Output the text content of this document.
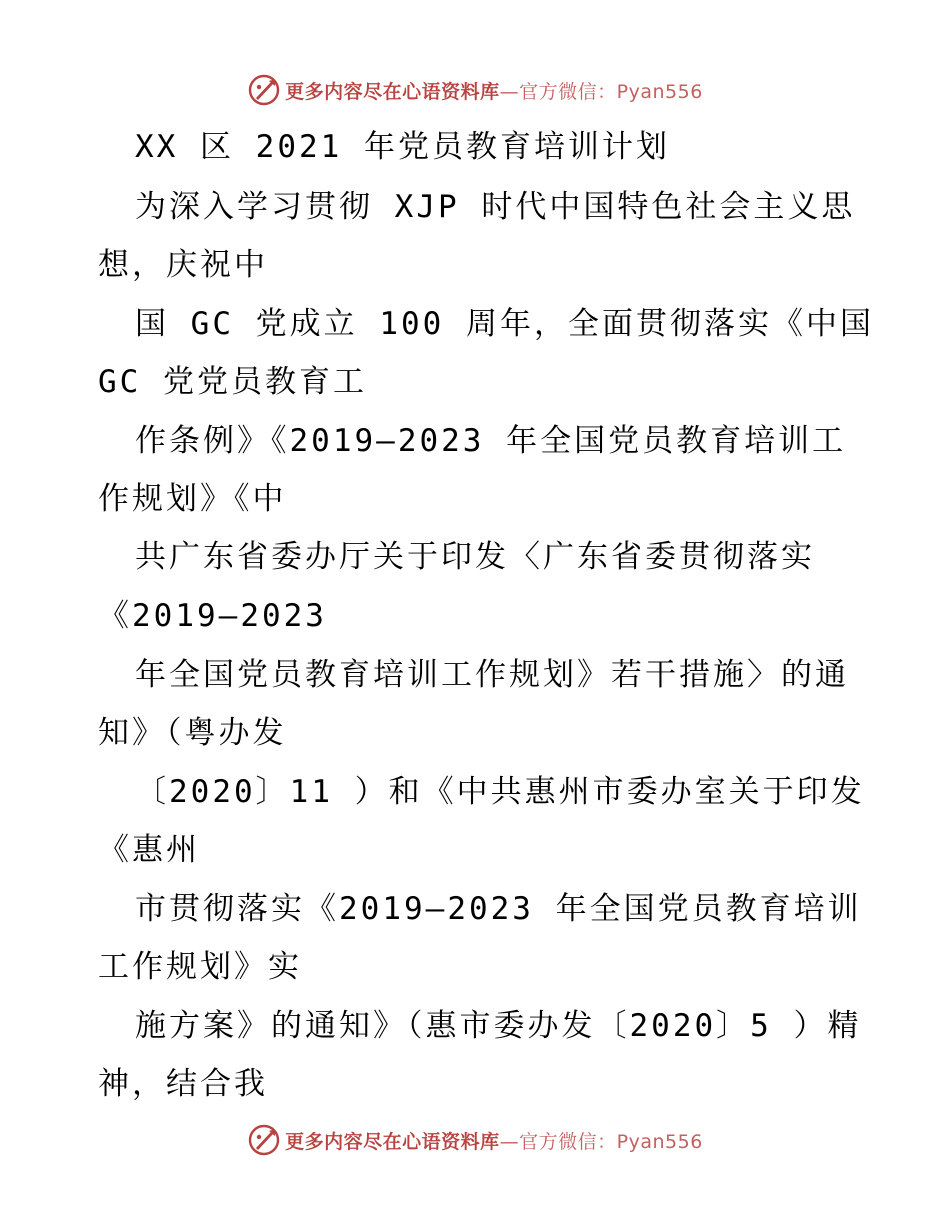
更多内容尽在心语资料库 —官方微信：Pyan556
XX 区 2021 年党员教育培训计划
为深入学习贯彻 XJP 时代中国特色社会主义思
想，庆祝中
国 GC 党成立 100 周年，全面贯彻落实《中国
GC 党党员教育工
作条例》《2019—2023 年全国党员教育培训工
作规划》《中
共广东省委办厅关于印发〈广东省委贯彻落实
《2019—2023
年全国党员教育培训工作规划》若干措施〉的通
知》（粤办发
〔2020〕11 ）和《中共惠州市委办室关于印发
《惠州
市贯彻落实《2019—2023 年全国党员教育培训
工作规划》实
施方案》的通知》（惠市委办发〔2020〕5 ）精
神，结合我
更多内容尽在心语资料库 —官方微信：Pyan556
